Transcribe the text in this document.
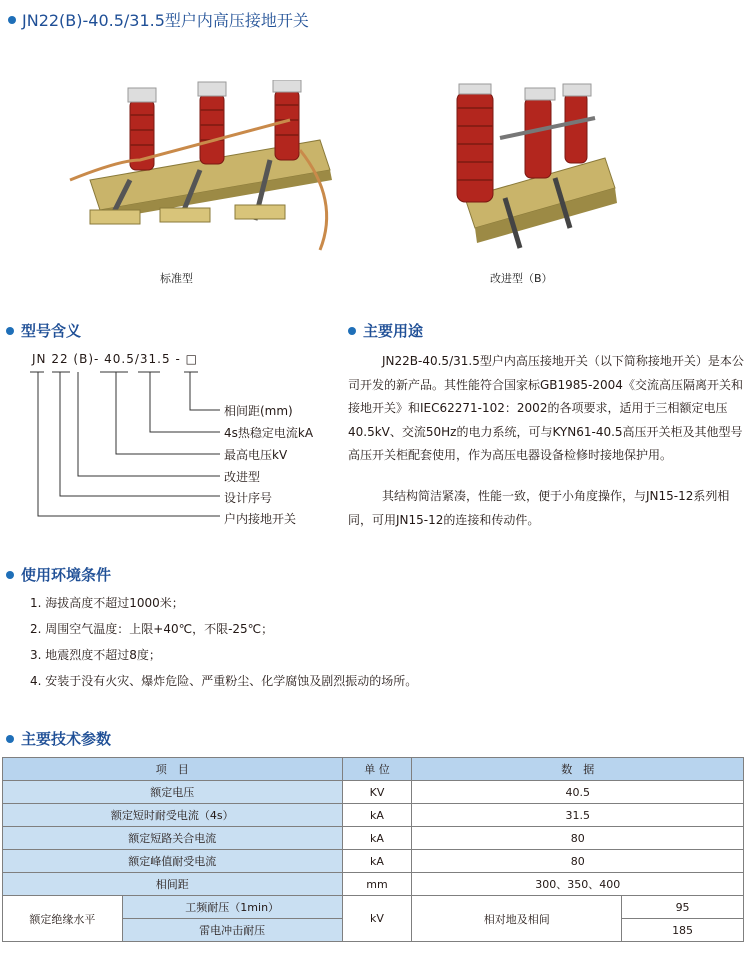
JN22(B)-40.5/31.5型户内高压接地开关
标准型	改进型（B）
型号含义
JN 22 (B)- 40.5/31.5 - □
相间距(mm)
4s热稳定电流kA
最高电压kV
改进型
设计序号
户内接地开关
主要用途
JN22B-40.5/31.5型户内高压接地开关（以下简称接地开关）是本公司开发的新产品。其性能符合国家标GB1985-2004《交流高压隔离开关和接地开关》和IEC62271-102：2002的各项要求，适用于三相额定电压40.5kV、交流50Hz的电力系统，可与KYN61-40.5高压开关柜及其他型号高压开关柜配套使用，作为高压电器设备检修时接地保护用。
其结构简洁紧凑，性能一致，便于小角度操作，与JN15-12系列相同，可用JN15-12的连接和传动件。
使用环境条件
1. 海拔高度不超过1000米；
2. 周围空气温度：上限+40℃，不限-25℃；
3. 地震烈度不超过8度；
4. 安装于没有火灾、爆炸危险、严重粉尘、化学腐蚀及剧烈振动的场所。
主要技术参数
项　目		单 位	数　据	
额定电压		KV	40.5	
额定短时耐受电流（4s）		kA	31.5	
额定短路关合电流		kA	80	
额定峰值耐受电流		kA	80	
相间距		mm	300、350、400	
额定绝缘水平	工频耐压（1min）	kV	相对地及相间	95
	雷电冲击耐压			185
